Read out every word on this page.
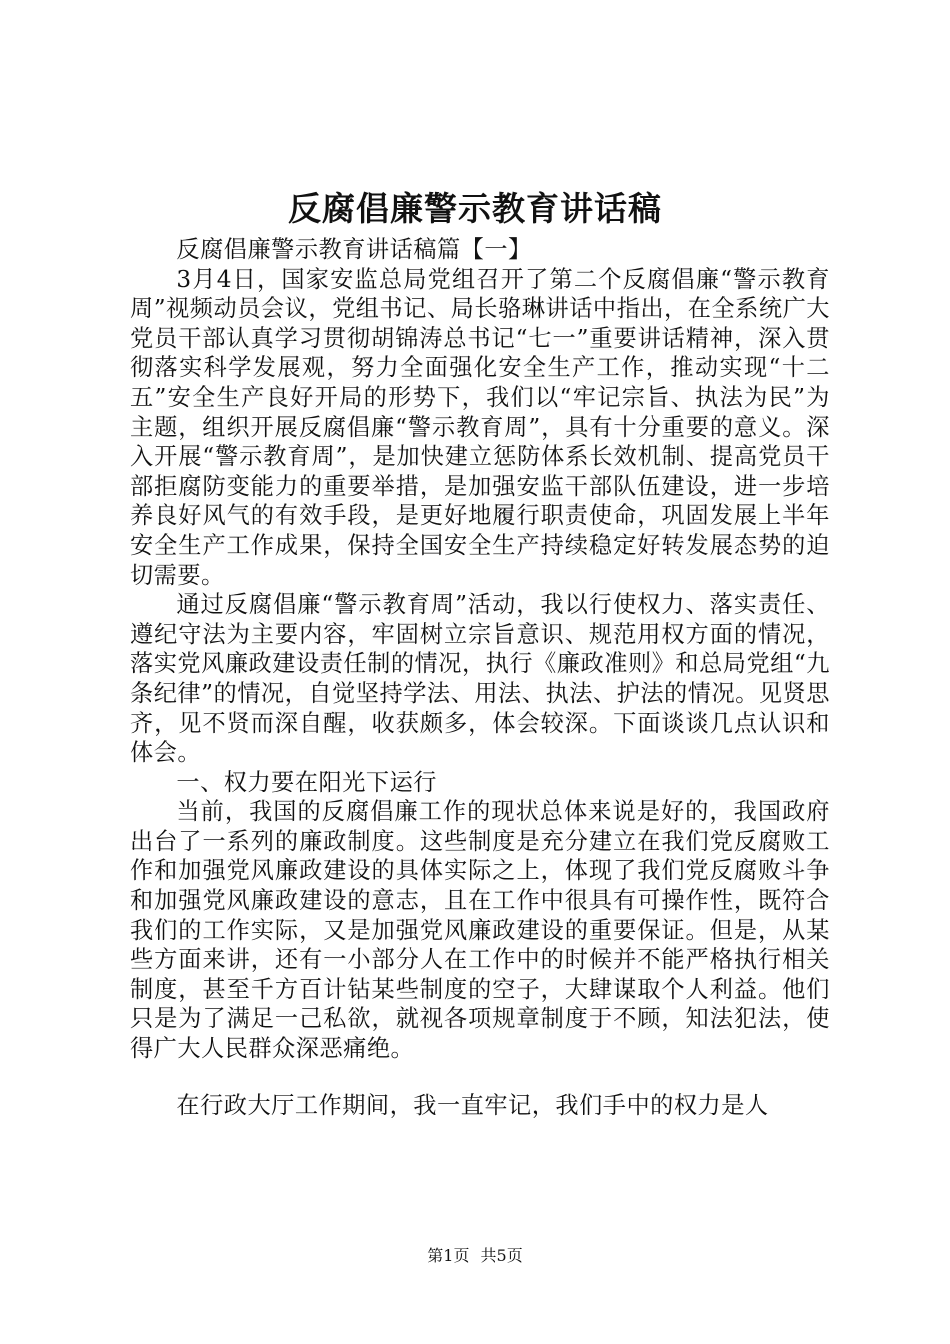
反腐倡廉警示教育讲话稿

反腐倡廉警示教育讲话稿篇【一】

3月4日，国家安监总局党组召开了第二个反腐倡廉“警示教育周”视频动员会议，党组书记、局长骆琳讲话中指出，在全系统广大党员干部认真学习贯彻胡锦涛总书记“七一”重要讲话精神，深入贯彻落实科学发展观，努力全面强化安全生产工作，推动实现“十二五”安全生产良好开局的形势下，我们以“牢记宗旨、执法为民”为主题，组织开展反腐倡廉“警示教育周”，具有十分重要的意义。深入开展“警示教育周”，是加快建立惩防体系长效机制、提高党员干部拒腐防变能力的重要举措，是加强安监干部队伍建设，进一步培养良好风气的有效手段，是更好地履行职责使命，巩固发展上半年安全生产工作成果，保持全国安全生产持续稳定好转发展态势的迫切需要。

通过反腐倡廉“警示教育周”活动，我以行使权力、落实责任、遵纪守法为主要内容，牢固树立宗旨意识、规范用权方面的情况，落实党风廉政建设责任制的情况，执行《廉政准则》和总局党组“九条纪律”的情况，自觉坚持学法、用法、执法、护法的情况。见贤思齐，见不贤而深自醒，收获颇多，体会较深。下面谈谈几点认识和体会。

一、权力要在阳光下运行

当前，我国的反腐倡廉工作的现状总体来说是好的，我国政府出台了一系列的廉政制度。这些制度是充分建立在我们党反腐败工作和加强党风廉政建设的具体实际之上，体现了我们党反腐败斗争和加强党风廉政建设的意志，且在工作中很具有可操作性，既符合我们的工作实际，又是加强党风廉政建设的重要保证。但是，从某些方面来讲，还有一小部分人在工作中的时候并不能严格执行相关制度，甚至千方百计钻某些制度的空子，大肆谋取个人利益。他们只是为了满足一己私欲，就视各项规章制度于不顾，知法犯法，使得广大人民群众深恶痛绝。

在行政大厅工作期间，我一直牢记，我们手中的权力是人

第1页 共5页
